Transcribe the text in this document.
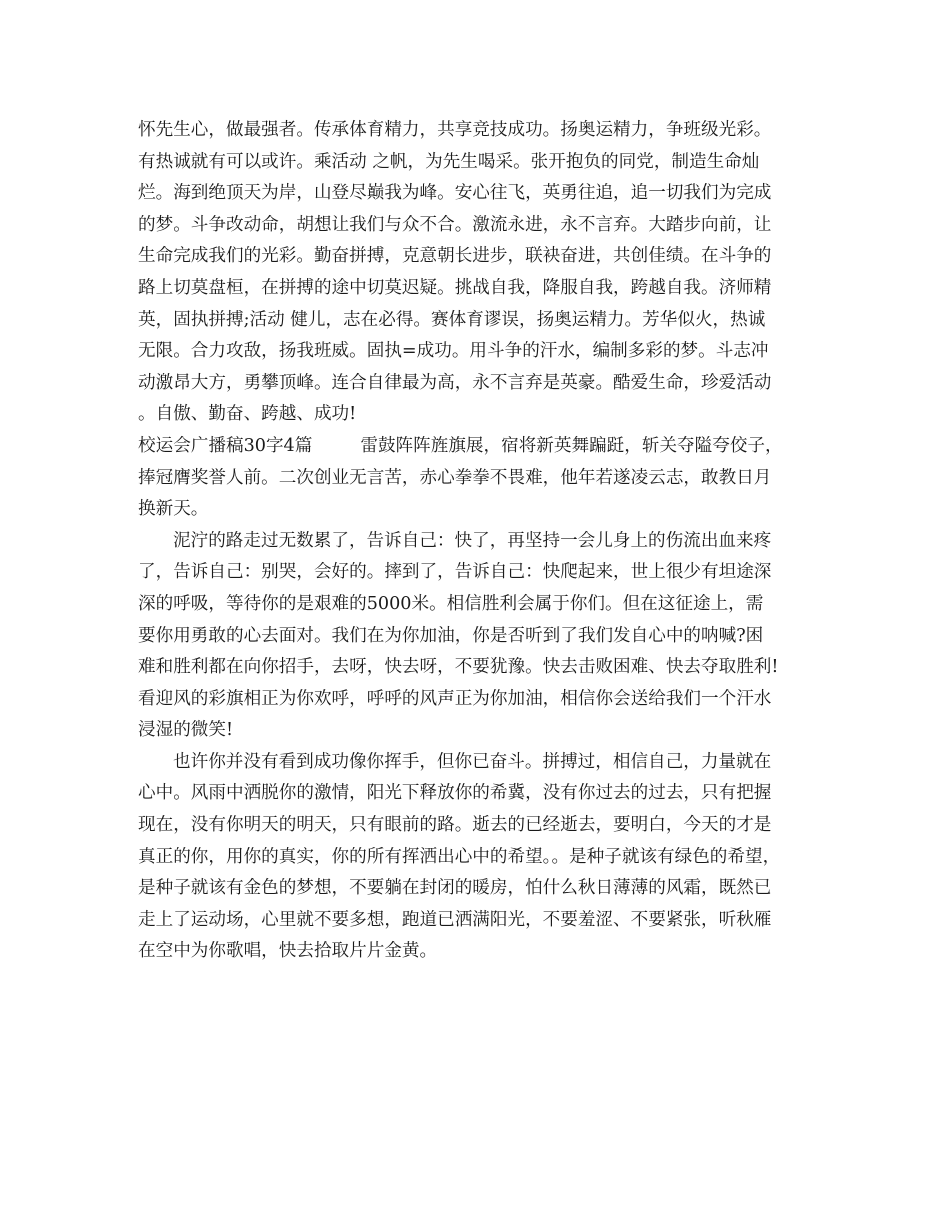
怀先生心，做最强者。传承体育精力，共享竞技成功。扬奥运精力，争班级光彩。
有热诚就有可以或许。乘活动 之帆，为先生喝采。张开抱负的同党，制造生命灿
烂。海到绝顶天为岸，山登尽巅我为峰。安心往飞，英勇往追，追一切我们为完成
的梦。斗争改动命，胡想让我们与众不合。激流永进，永不言弃。大踏步向前，让
生命完成我们的光彩。勤奋拼搏，克意朝长进步，联袂奋进，共创佳绩。在斗争的
路上切莫盘桓，在拼搏的途中切莫迟疑。挑战自我，降服自我，跨越自我。济师精
英，固执拼搏;活动 健儿，志在必得。赛体育谬误，扬奥运精力。芳华似火，热诚
无限。合力攻敌，扬我班威。固执=成功。用斗争的汗水，编制多彩的梦。斗志冲
动激昂大方，勇攀顶峰。连合自律最为高，永不言弃是英豪。酷爱生命，珍爱活动
。自傲、勤奋、跨越、成功!
校运会广播稿30字4篇	雷鼓阵阵旌旗展，宿将新英舞蹁跹，斩关夺隘夸佼子，
捧冠膺奖誉人前。二次创业无言苦，赤心拳拳不畏难，他年若遂凌云志，敢教日月
换新天。
泥泞的路走过无数累了，告诉自己：快了，再坚持一会儿身上的伤流出血来疼
了，告诉自己：别哭，会好的。摔到了，告诉自己：快爬起来，世上很少有坦途深
深的呼吸，等待你的是艰难的5000米。相信胜利会属于你们。但在这征途上，需
要你用勇敢的心去面对。我们在为你加油，你是否听到了我们发自心中的呐喊?困
难和胜利都在向你招手，去呀，快去呀，不要犹豫。快去击败困难、快去夺取胜利!
看迎风的彩旗相正为你欢呼，呼呼的风声正为你加油，相信你会送给我们一个汗水
浸湿的微笑!
也许你并没有看到成功像你挥手，但你已奋斗。拼搏过，相信自己，力量就在
心中。风雨中洒脱你的激情，阳光下释放你的希冀，没有你过去的过去，只有把握
现在，没有你明天的明天，只有眼前的路。逝去的已经逝去，要明白，今天的才是
真正的你，用你的真实，你的所有挥洒出心中的希望。。是种子就该有绿色的希望，
是种子就该有金色的梦想，不要躺在封闭的暖房，怕什么秋日薄薄的风霜，既然已
走上了运动场，心里就不要多想，跑道已洒满阳光，不要羞涩、不要紧张，听秋雁
在空中为你歌唱，快去拾取片片金黄。
